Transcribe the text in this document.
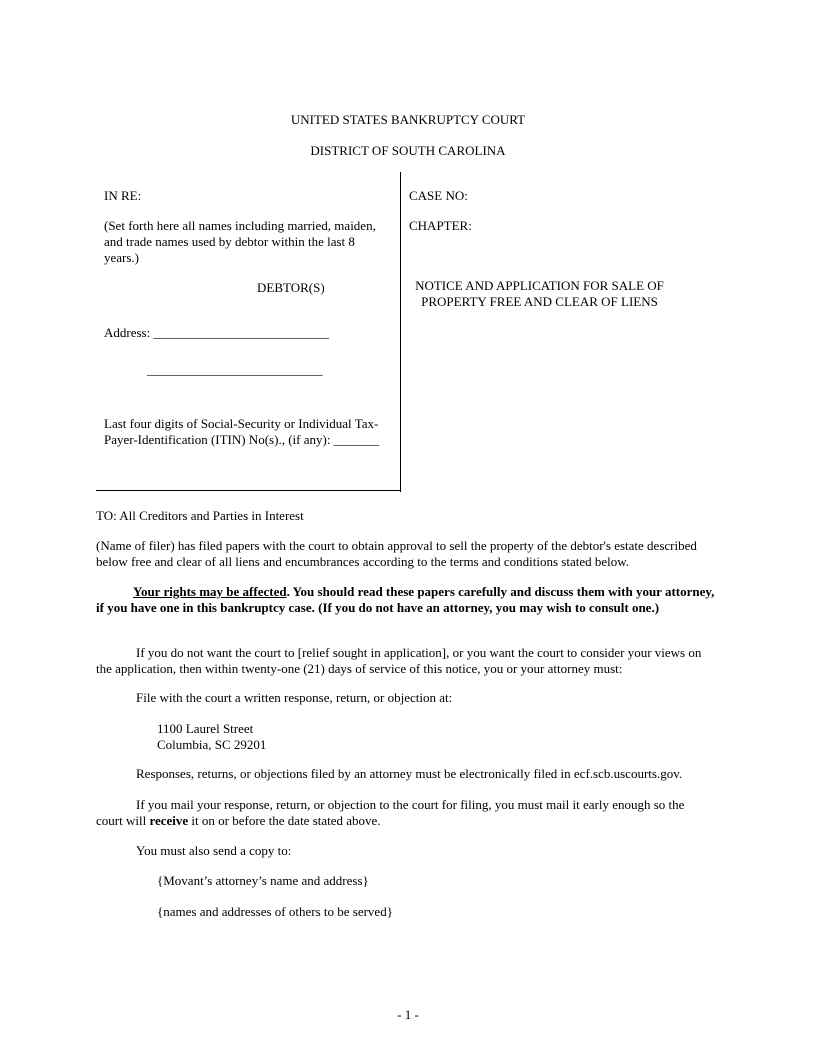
UNITED STATES BANKRUPTCY COURT
DISTRICT OF SOUTH CAROLINA
IN RE:
(Set forth here all names including married, maiden, and trade names used by debtor within the last 8 years.)
DEBTOR(S)
Address: ___________________________
___________________________
Last four digits of Social-Security or Individual Tax-Payer-Identification (ITIN) No(s)., (if any): _______
CASE NO:
CHAPTER:
NOTICE AND APPLICATION FOR SALE OF PROPERTY FREE AND CLEAR OF LIENS
TO: All Creditors and Parties in Interest
(Name of filer) has filed papers with the court to obtain approval to sell the property of the debtor's estate described below free and clear of all liens and encumbrances according to the terms and conditions stated below.
Your rights may be affected. You should read these papers carefully and discuss them with your attorney, if you have one in this bankruptcy case. (If you do not have an attorney, you may wish to consult one.)
If you do not want the court to [relief sought in application], or you want the court to consider your views on the application, then within twenty-one (21) days of service of this notice, you or your attorney must:
File with the court a written response, return, or objection at:
1100 Laurel Street
Columbia, SC 29201
Responses, returns, or objections filed by an attorney must be electronically filed in ecf.scb.uscourts.gov.
If you mail your response, return, or objection to the court for filing, you must mail it early enough so the court will receive it on or before the date stated above.
You must also send a copy to:
{Movant’s attorney’s name and address}
{names and addresses of others to be served}
- 1 -
